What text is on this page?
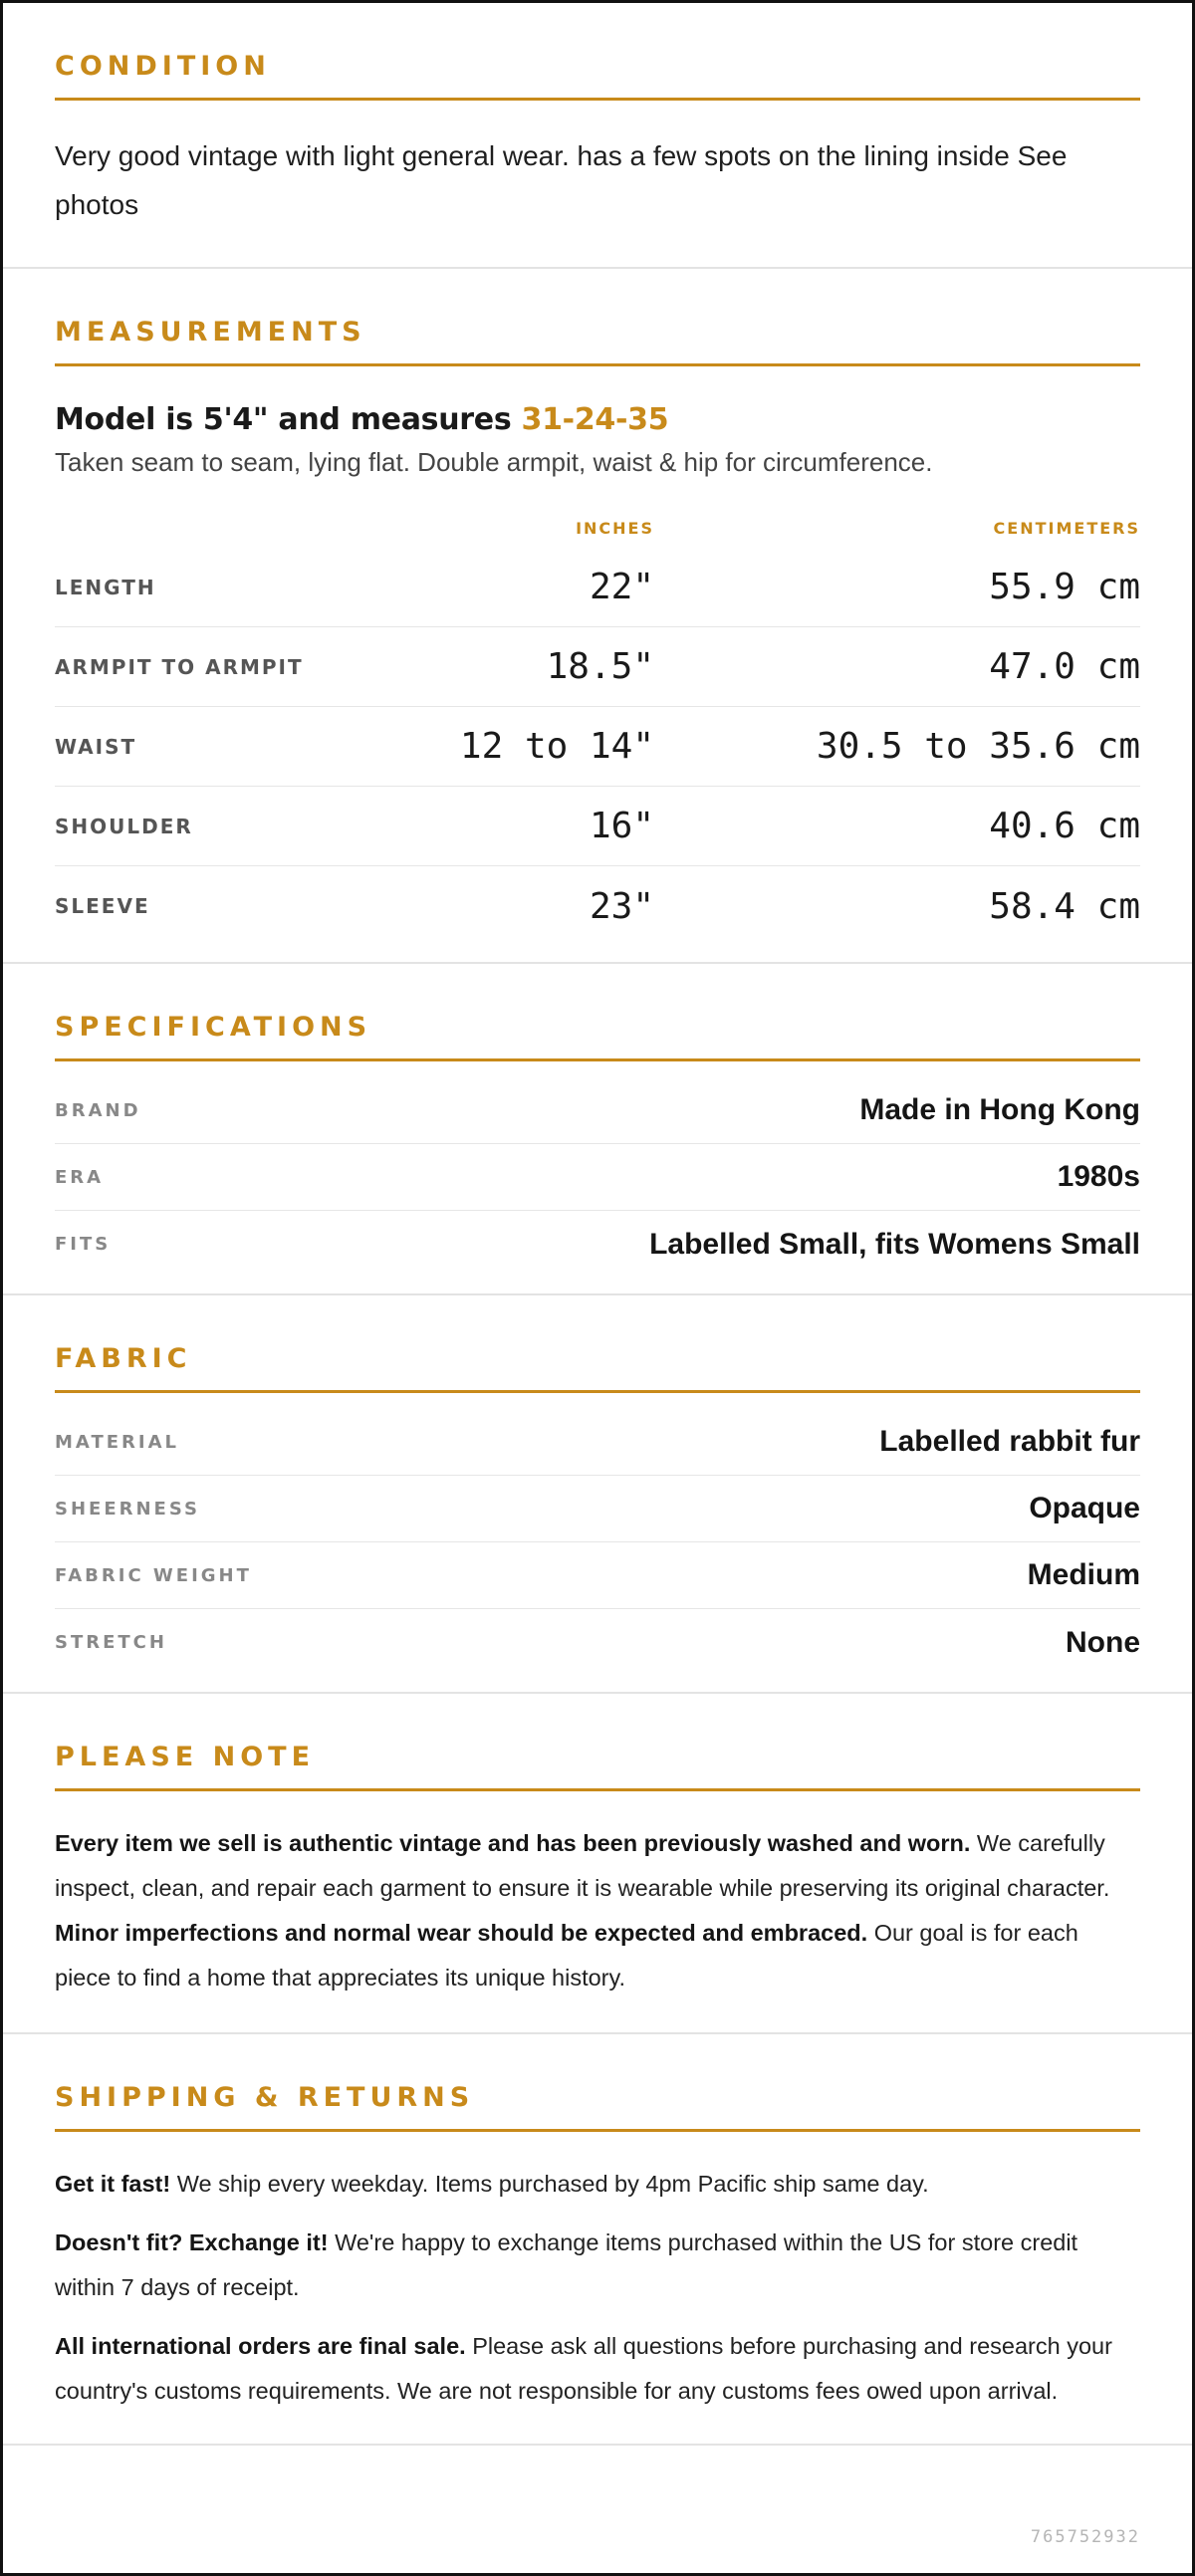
CONDITION

Very good vintage with light general wear. has a few spots on the lining inside See photos

MEASUREMENTS
Model is 5'4" and measures 31-24-35
Taken seam to seam, lying flat. Double armpit, waist & hip for circumference.
INCHES	CENTIMETERS
LENGTH	22"	55.9 cm
ARMPIT TO ARMPIT	18.5"	47.0 cm
WAIST	12 to 14"	30.5 to 35.6 cm
SHOULDER	16"	40.6 cm
SLEEVE	23"	58.4 cm
SPECIFICATIONS
BRAND	Made in Hong Kong
ERA	1980s
FITS	Labelled Small, fits Womens Small
FABRIC
MATERIAL	Labelled rabbit fur
SHEERNESS	Opaque
FABRIC WEIGHT	Medium
STRETCH	None
PLEASE NOTE

Every item we sell is authentic vintage and has been previously washed and worn. We carefully inspect, clean, and repair each garment to ensure it is wearable while preserving its original character. Minor imperfections and normal wear should be expected and embraced. Our goal is for each piece to find a home that appreciates its unique history.

SHIPPING & RETURNS

Get it fast! We ship every weekday. Items purchased by 4pm Pacific ship same day.

Doesn't fit? Exchange it! We're happy to exchange items purchased within the US for store credit within 7 days of receipt.

All international orders are final sale. Please ask all questions before purchasing and research your country's customs requirements. We are not responsible for any customs fees owed upon arrival.

765752932
